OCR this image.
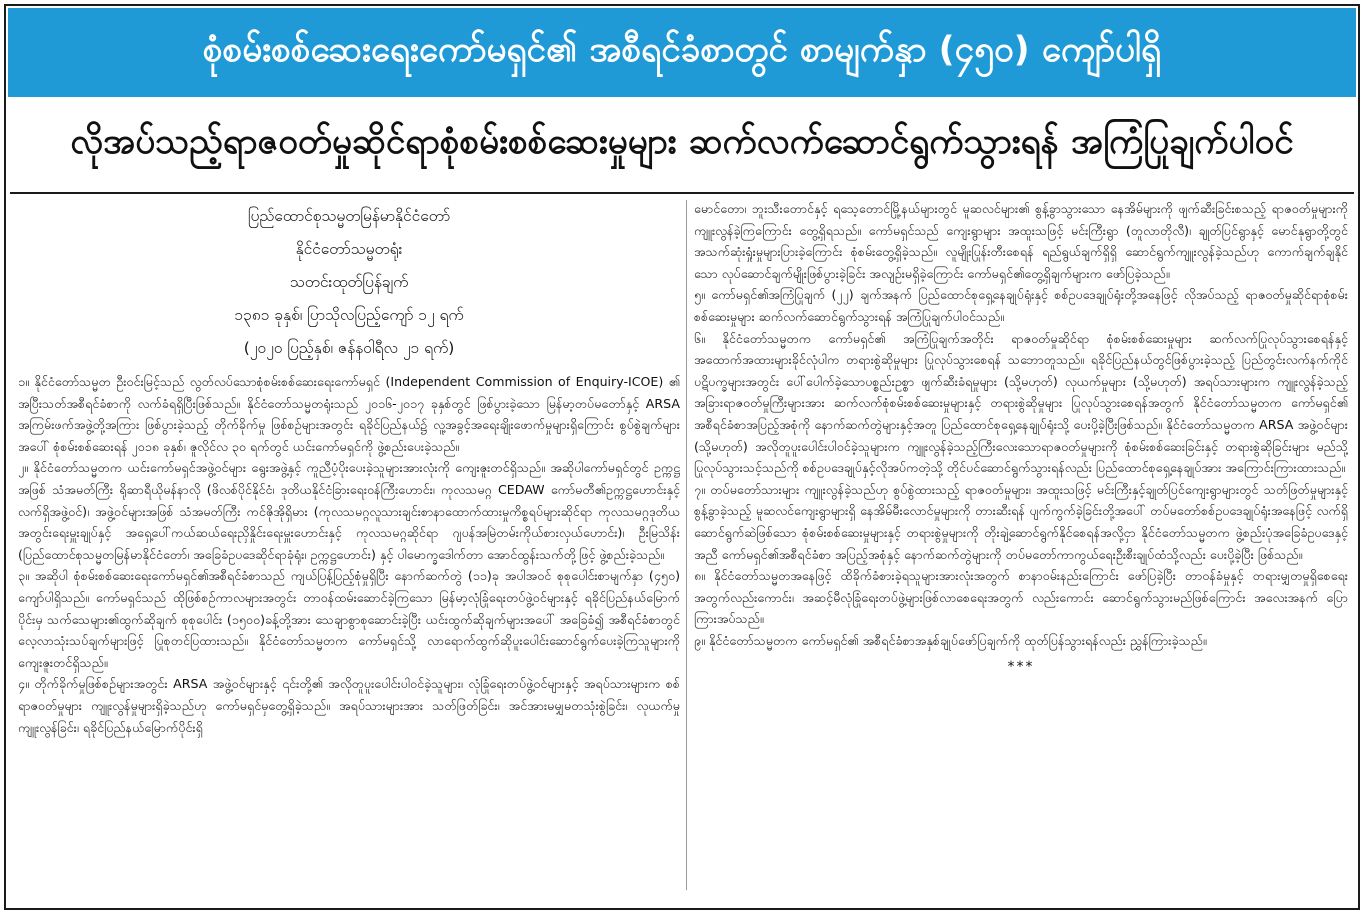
စုံစမ်းစစ်ဆေးရေးကော်မရှင်၏ အစီရင်ခံစာတွင် စာမျက်နှာ (၄၅၀) ကျော်ပါရှိ
လိုအပ်သည့်ရာဇ၀တ်မှုဆိုင်ရာစုံစမ်းစစ်ဆေးမှုများ ဆက်လက်ဆောင်ရွက်သွားရန် အကြံပြုချက်ပါဝင်
ပြည်ထောင်စုသမ္မတမြန်မာနိုင်ငံတော်
နိုင်ငံတော်သမ္မတရုံး
သတင်းထုတ်ပြန်ချက်
၁၃၈၁ ခုနှစ်၊ ပြာသိုလပြည့်ကျော် ၁၂ ရက်
(၂၀၂၀ ပြည့်နှစ်၊ ဇန်နဝါရီလ ၂၁ ရက်)

၁။ နိုင်ငံတော်သမ္မတ ဦးဝင်းမြင့်သည် လွတ်လပ်သောစုံစမ်းစစ်ဆေးရေးကော်မရှင် (Independent Commission of Enquiry-ICOE) ၏ အပြီးသတ်အစီရင်ခံစာကို လက်ခံရရှိပြီးဖြစ်သည်။ နိုင်ငံတော်သမ္မတရုံးသည် ၂၀၁၆-၂၀၁၇ ခုနှစ်တွင် ဖြစ်ပွားခဲ့သော မြန်မာ့တပ်မတော်နှင့် ARSA အကြမ်းဖက်အဖွဲ့တို့အကြား ဖြစ်ပွားခဲ့သည့် တိုက်ခိုက်မှု ဖြစ်စဉ်များအတွင်း ရခိုင်ပြည်နယ်၌ လူ့အခွင့်အရေးချိုးဖောက်မှုများရှိကြောင်း စွပ်စွဲချက်များအပေါ် စုံစမ်းစစ်ဆေးရန် ၂၀၁၈ ခုနှစ်၊ ဇူလိုင်လ ၃၀ ရက်တွင် ယင်းကော်မရှင်ကို ဖွဲ့စည်းပေးခဲ့သည်။

၂။ နိုင်ငံတော်သမ္မတက ယင်းကော်မရှင်အဖွဲ့ဝင်များ ရွေးအဖွဲ့နှင့် ကူညီပံ့ပိုးပေးခဲ့သူများအားလုံးကို ကျေးဇူးတင်ရှိသည်။ အဆိုပါကော်မရှင်တွင် ဥက္ကဋ္ဌအဖြစ် သံအမတ်ကြီး ရိုဆာရီယိုမန်နာလို (ဖိလစ်ပိုင်နိုင်ငံ၊ ဒုတိယနိုင်ငံခြားရေးဝန်ကြီးဟောင်း၊ ကုလသမဂ္ဂ CEDAW ကော်မတီ၏ဥက္ကဋ္ဌဟောင်းနှင့် လက်ရှိအဖွဲ့ဝင်)၊ အဖွဲ့ဝင်များအဖြစ် သံအမတ်ကြီး ကင်ဇိုအိုရှိမား (ကုလသမဂ္ဂလူသားချင်းစာနာထောက်ထားမှုကိစ္စရပ်များဆိုင်ရာ ကုလသမဂ္ဂဒုတိယအတွင်းရေးမှူးချုပ်နှင့် အရှေ့ပေါ်ကယ်ဆယ်ရေးညှိနှိုင်းရေးမှူးဟောင်းနှင့် ကုလသမဂ္ဂဆိုင်ရာ ဂျပန်အမြဲတမ်းကိုယ်စားလှယ်ဟောင်း)၊ ဦးမြသိန်း (ပြည်ထောင်စုသမ္မတမြန်မာနိုင်ငံတော်၊ အခြေခံဥပဒေဆိုင်ရာခုံရုံး၊ ဥက္ကဋ္ဌဟောင်း) နှင့် ပါမောက္ခဒေါက်တာ အောင်ထွန်းသက်တို့ဖြင့် ဖွဲ့စည်းခဲ့သည်။

၃။ အဆိုပါ စုံစမ်းစစ်ဆေးရေးကော်မရှင်၏အစီရင်ခံစာသည် ကျယ်ပြန့်ပြည့်စုံမှုရှိပြီး နောက်ဆက်တွဲ (၁၁)ခု အပါအဝင် စုစုပေါင်းစာမျက်နှာ (၄၅၀) ကျော်ပါရှိသည်။ ကော်မရှင်သည် ထိုဖြစ်စဉ်ကာလများအတွင်း တာဝန်ထမ်းဆောင်ခဲ့ကြသော မြန်မာ့လုံခြုံရေးတပ်ဖွဲ့ဝင်များနှင့် ရခိုင်ပြည်နယ်မြောက်ပိုင်းမှ သက်သေများ၏ထွက်ဆိုချက် စုစုပေါင်း (၁၅၀၀)ခန့်တို့အား သေချာစွာစုဆောင်းခဲ့ပြီး ယင်းထွက်ဆိုချက်များအပေါ် အခြေခံ၍ အစီရင်ခံစာတွင် လေ့လာသုံးသပ်ချက်များဖြင့် ပြုစုတင်ပြထားသည်။ နိုင်ငံတော်သမ္မတက ကော်မရှင်သို့ လာရောက်ထွက်ဆိုပူးပေါင်းဆောင်ရွက်ပေးခဲ့ကြသူများကို ကျေးဇူးတင်ရှိသည်။

၄။ တိုက်ခိုက်မှုဖြစ်စဉ်များအတွင်း ARSA အဖွဲ့ဝင်များနှင့် ၎င်းတို့၏ အလိုတူပူးပေါင်းပါဝင်ခဲ့သူများ၊ လုံခြုံရေးတပ်ဖွဲ့ဝင်များနှင့် အရပ်သားများက စစ်ရာဇ၀တ်မှုများ ကျူးလွန်မှုများရှိခဲ့သည်ဟု ကော်မရှင်မှတွေ့ရှိခဲ့သည်။ အရပ်သားများအား သတ်ဖြတ်ခြင်း၊ အင်အားမမျှမတသုံးစွဲခြင်း၊ လုယက်မှုကျူးလွန်ခြင်း၊ ရခိုင်ပြည်နယ်မြောက်ပိုင်းရှိ

မောင်တော၊ ဘူးသီးတောင်နှင့် ရသေ့တောင်မြို့နယ်များတွင် မူဆလင်များ၏ စွန့်ခွာသွားသော နေအိမ်များကို ဖျက်ဆီးခြင်းစသည့် ရာဇ၀တ်မှုများကို ကျူးလွန်ခဲ့ကြကြောင်း တွေ့ရှိရသည်။ ကော်မရှင်သည် ကျေးရွာများ အထူးသဖြင့် မင်းကြီးရွာ (တူလာတိုလီ)၊ ချုတ်ပြင်ရွာနှင့် မောင်နုရွာတို့တွင် အသက်ဆုံးရှုံးမှုများပြားခဲ့ကြောင်း စုံစမ်းတွေ့ရှိခဲ့သည်။ လူမျိုးပြုန်းတီးစေရန် ရည်ရွယ်ချက်ရှိရှိ ဆောင်ရွက်ကျူးလွန်ခဲ့သည်ဟု ကောက်ချက်ချနိုင်သော လုပ်ဆောင်ချက်မျိုးဖြစ်ပွားခဲ့ခြင်း အလျဉ်းမရှိခဲ့ကြောင်း ကော်မရှင်၏တွေ့ရှိချက်များက ဖော်ပြခဲ့သည်။

၅။ ကော်မရှင်၏အကြံပြုချက် (၂၂) ချက်အနက် ပြည်ထောင်စုရှေ့နေချုပ်ရုံးနှင့် စစ်ဥပဒေချုပ်ရုံးတို့အနေဖြင့် လိုအပ်သည့် ရာဇ၀တ်မှုဆိုင်ရာစုံစမ်းစစ်ဆေးမှုများ ဆက်လက်ဆောင်ရွက်သွားရန် အကြံပြုချက်ပါဝင်သည်။

၆။ နိုင်ငံတော်သမ္မတက ကော်မရှင်၏ အကြံပြုချက်အတိုင်း ရာဇ၀တ်မှုဆိုင်ရာ စုံစမ်းစစ်ဆေးမှုများ ဆက်လက်ပြုလုပ်သွားစေရန်နှင့် အထောက်အထားများခိုင်လုံပါက တရားစွဲဆိုမှုများ ပြုလုပ်သွားစေရန် သဘောတူသည်။ ရခိုင်ပြည်နယ်တွင်ဖြစ်ပွားခဲ့သည့် ပြည်တွင်းလက်နက်ကိုင်ပဋိပက္ခများအတွင်း ပေါ်ပေါက်ခဲ့သောပစ္စည်းဥစ္စာ ဖျက်ဆီးခံရမှုများ (သို့မဟုတ်) လုယက်မှုများ (သို့မဟုတ်) အရပ်သားများက ကျူးလွန်ခဲ့သည့်အခြားရာဇ၀တ်မှုကြီးများအား ဆက်လက်စုံစမ်းစစ်ဆေးမှုများနှင့် တရားစွဲဆိုမှုများ ပြုလုပ်သွားစေရန်အတွက် နိုင်ငံတော်သမ္မတက ကော်မရှင်၏ အစီရင်ခံစာအပြည့်အစုံကို နောက်ဆက်တွဲများနှင့်အတူ ပြည်ထောင်စုရှေ့နေချုပ်ရုံးသို့ ပေးပို့ခဲ့ပြီးဖြစ်သည်။ နိုင်ငံတော်သမ္မတက ARSA အဖွဲ့ဝင်များ (သို့မဟုတ်) အလိုတူပူးပေါင်းပါဝင်ခဲ့သူများက ကျူးလွန်ခဲ့သည့်ကြီးလေးသောရာဇ၀တ်မှုများကို စုံစမ်းစစ်ဆေးခြင်းနှင့် တရားစွဲဆိုခြင်းများ မည်သို့ပြုလုပ်သွားသင့်သည်ကို စစ်ဥပဒေချုပ်နှင့်လိုအပ်ကတဲ့သို့ တိုင်ပင်ဆောင်ရွက်သွားရန်လည်း ပြည်ထောင်စုရှေ့နေချုပ်အား အကြောင်းကြားထားသည်။

၇။ တပ်မတော်သားများ ကျူးလွန်ခဲ့သည်ဟု စွပ်စွဲထားသည့် ရာဇ၀တ်မှုများ၊ အထူးသဖြင့် မင်းကြီးနှင့်ချုတ်ပြင်ကျေးရွာများတွင် သတ်ဖြတ်မှုများနှင့် စွန့်ခွာခဲ့သည့် မူဆလင်ကျေးရွာများရှိ နေအိမ်မီးလောင်မှုများကို တားဆီးရန် ပျက်ကွက်ခဲ့ခြင်းတို့အပေါ် တပ်မတော်စစ်ဥပဒေချုပ်ရုံးအနေဖြင့် လက်ရှိဆောင်ရွက်ဆဲဖြစ်သော စုံစမ်းစစ်ဆေးမှုများနှင့် တရားစွဲမှုများကို တိုးချဲ့ဆောင်ရွက်နိုင်စေရန်အလို့ငှာ နိုင်ငံတော်သမ္မတက ဖွဲ့စည်းပုံအခြေခံဥပဒေနှင့်အညီ ကော်မရှင်၏အစီရင်ခံစာ အပြည့်အစုံနှင့် နောက်ဆက်တွဲများကို တပ်မတော်ကာကွယ်ရေးဦးစီးချုပ်ထံသို့လည်း ပေးပို့ခဲ့ပြီး ဖြစ်သည်။

၈။ နိုင်ငံတော်သမ္မတအနေဖြင့် ထိခိုက်ခံစားခဲ့ရသူများအားလုံးအတွက် စာနာဝမ်းနည်းကြောင်း ဖော်ပြခဲ့ပြီး တာဝန်ခံမှုနှင့် တရားမျှတမှုရှိစေရေးအတွက်လည်းကောင်း၊ အဆင့်မီလုံခြုံရေးတပ်ဖွဲ့များဖြစ်လာစေရေးအတွက် လည်းကောင်း ဆောင်ရွက်သွားမည်ဖြစ်ကြောင်း အလေးအနက် ပြောကြားအပ်သည်။

၉။ နိုင်ငံတော်သမ္မတက ကော်မရှင်၏ အစီရင်ခံစာအနှစ်ချုပ်ဖော်ပြချက်ကို ထုတ်ပြန်သွားရန်လည်း ညွှန်ကြားခဲ့သည်။

***
